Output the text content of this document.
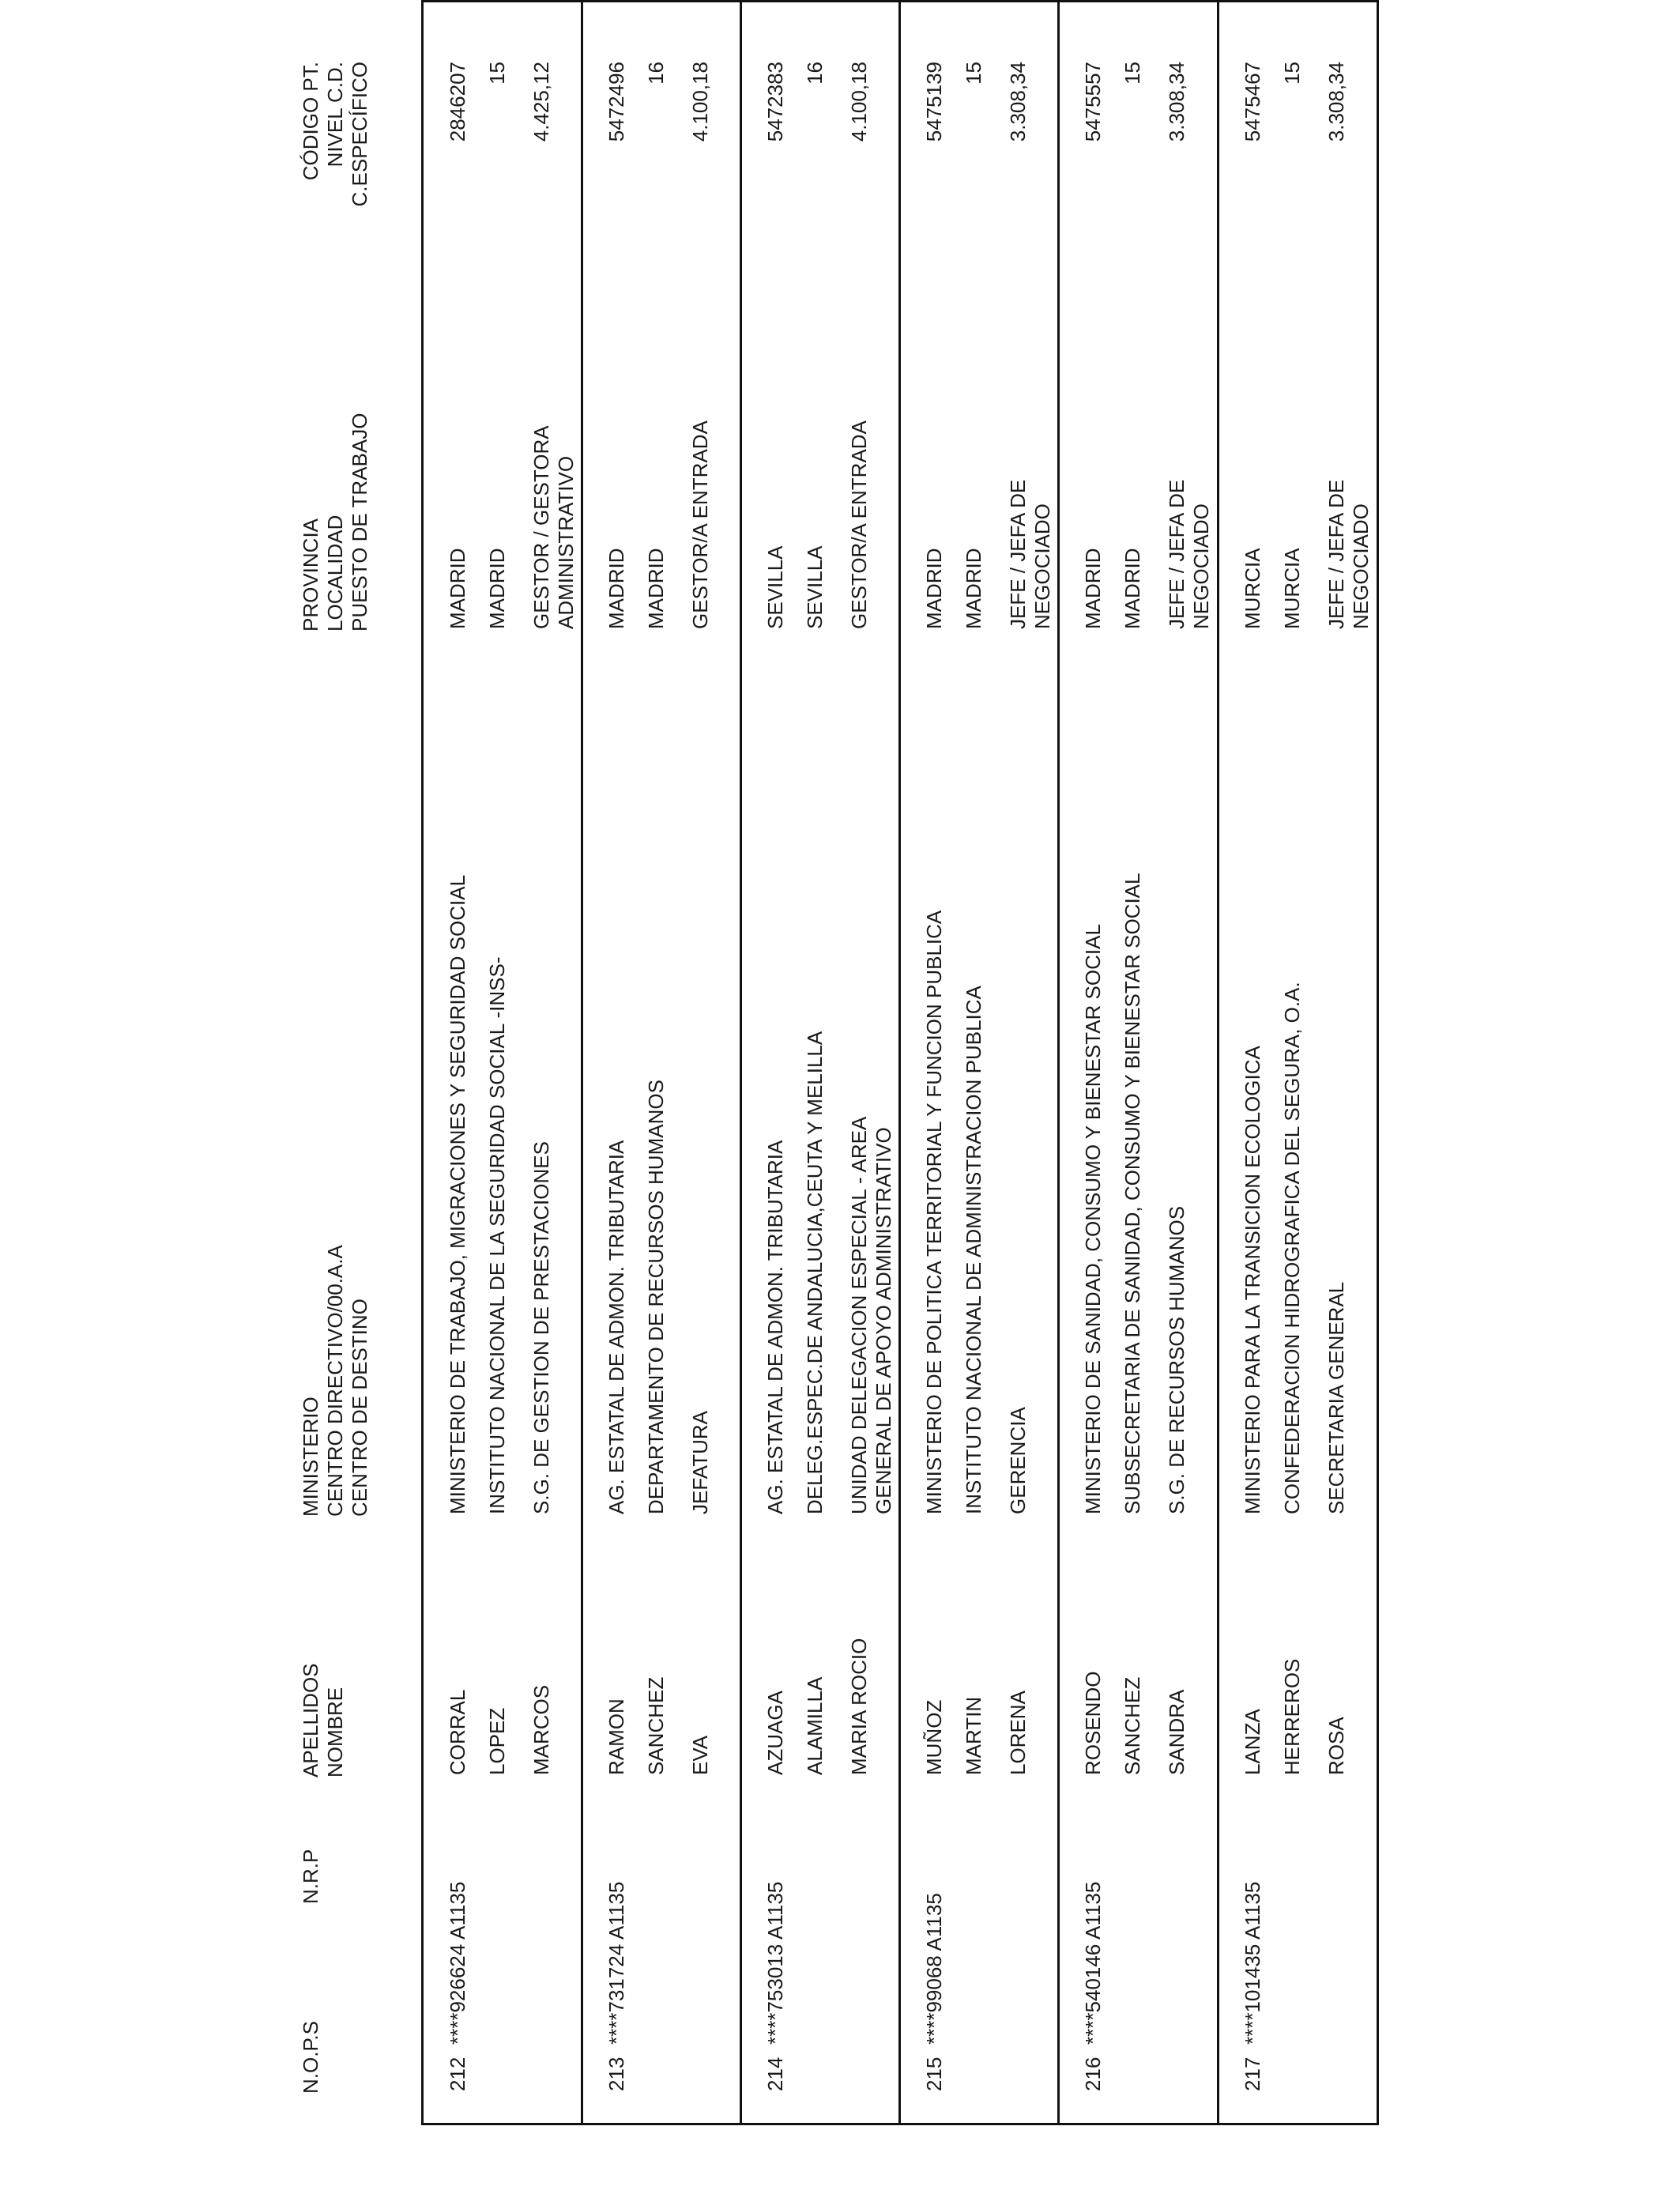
N.O.P.S
N.R.P
APELLIDOS NOMBRE
MINISTERIO CENTRO DIRECTIVO/00.A.A CENTRO DE DESTINO
PROVINCIA LOCALIDAD PUESTO DE TRABAJO
CÓDIGO PT. NIVEL C.D. C.ESPECÍFICO
212
****926624 A1135
CORRAL LOPEZ MARCOS
MINISTERIO DE TRABAJO, MIGRACIONES Y SEGURIDAD SOCIAL INSTITUTO NACIONAL DE LA SEGURIDAD SOCIAL -INSS- S.G. DE GESTION DE PRESTACIONES
MADRID MADRID GESTOR / GESTORA ADMINISTRATIVO
2846207 15 4.425,12
213
****731724 A1135
RAMON SANCHEZ EVA
AG. ESTATAL DE ADMON. TRIBUTARIA DEPARTAMENTO DE RECURSOS HUMANOS JEFATURA
MADRID MADRID GESTOR/A ENTRADA
5472496 16 4.100,18
214
****753013 A1135
AZUAGA ALAMILLA MARIA ROCIO
AG. ESTATAL DE ADMON. TRIBUTARIA DELEG.ESPEC.DE ANDALUCIA,CEUTA Y MELILLA UNIDAD DELEGACION ESPECIAL - AREA GENERAL DE APOYO ADMINISTRATIVO
SEVILLA SEVILLA GESTOR/A ENTRADA
5472383 16 4.100,18
215
****99068 A1135
MUÑOZ MARTIN LORENA
MINISTERIO DE POLITICA TERRITORIAL Y FUNCION PUBLICA INSTITUTO NACIONAL DE ADMINISTRACION PUBLICA GERENCIA
MADRID MADRID JEFE / JEFA DE NEGOCIADO
5475139 15 3.308,34
216
****540146 A1135
ROSENDO SANCHEZ SANDRA
MINISTERIO DE SANIDAD, CONSUMO Y BIENESTAR SOCIAL SUBSECRETARIA DE SANIDAD, CONSUMO Y BIENESTAR SOCIAL S.G. DE RECURSOS HUMANOS
MADRID MADRID JEFE / JEFA DE NEGOCIADO
5475557 15 3.308,34
217
****101435 A1135
LANZA HERREROS ROSA
MINISTERIO PARA LA TRANSICION ECOLOGICA CONFEDERACION HIDROGRAFICA DEL SEGURA, O.A. SECRETARIA GENERAL
MURCIA MURCIA JEFE / JEFA DE NEGOCIADO
5475467 15 3.308,34
